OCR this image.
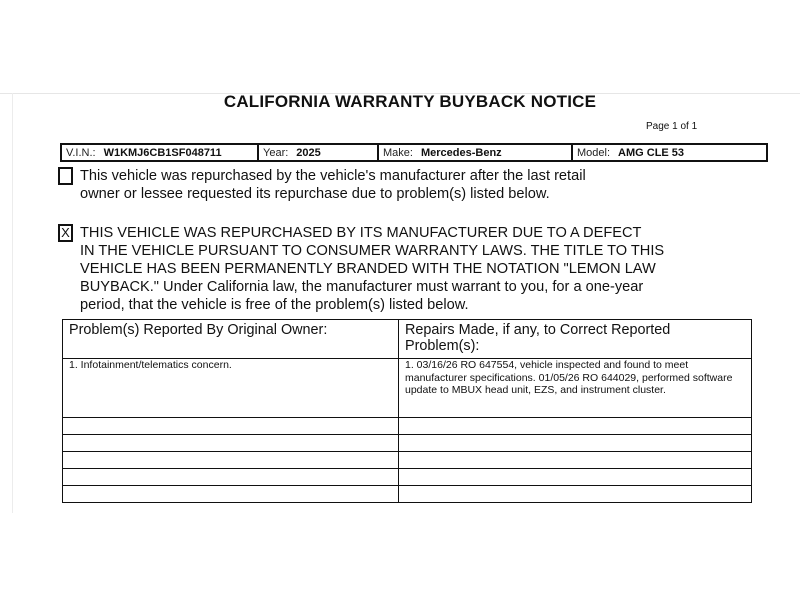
CALIFORNIA WARRANTY BUYBACK NOTICE
Page 1 of 1
V.I.N.: W1KMJ6CB1SF048711	Year: 2025	Make: Mercedes-Benz	Model: AMG CLE 53
This vehicle was repurchased by the vehicle's manufacturer after the last retail
owner or lessee requested its repurchase due to problem(s) listed below.
X THIS VEHICLE WAS REPURCHASED BY ITS MANUFACTURER DUE TO A DEFECT
IN THE VEHICLE PURSUANT TO CONSUMER WARRANTY LAWS. THE TITLE TO THIS
VEHICLE HAS BEEN PERMANENTLY BRANDED WITH THE NOTATION "LEMON LAW
BUYBACK." Under California law, the manufacturer must warrant to you, for a one-year
period, that the vehicle is free of the problem(s) listed below.
Problem(s) Reported By Original Owner:	Repairs Made, if any, to Correct Reported Problem(s):
1. Infotainment/telematics concern.	1. 03/16/26 RO 647554, vehicle inspected and found to meet manufacturer specifications. 01/05/26 RO 644029, performed software update to MBUX head unit, EZS, and instrument cluster.
